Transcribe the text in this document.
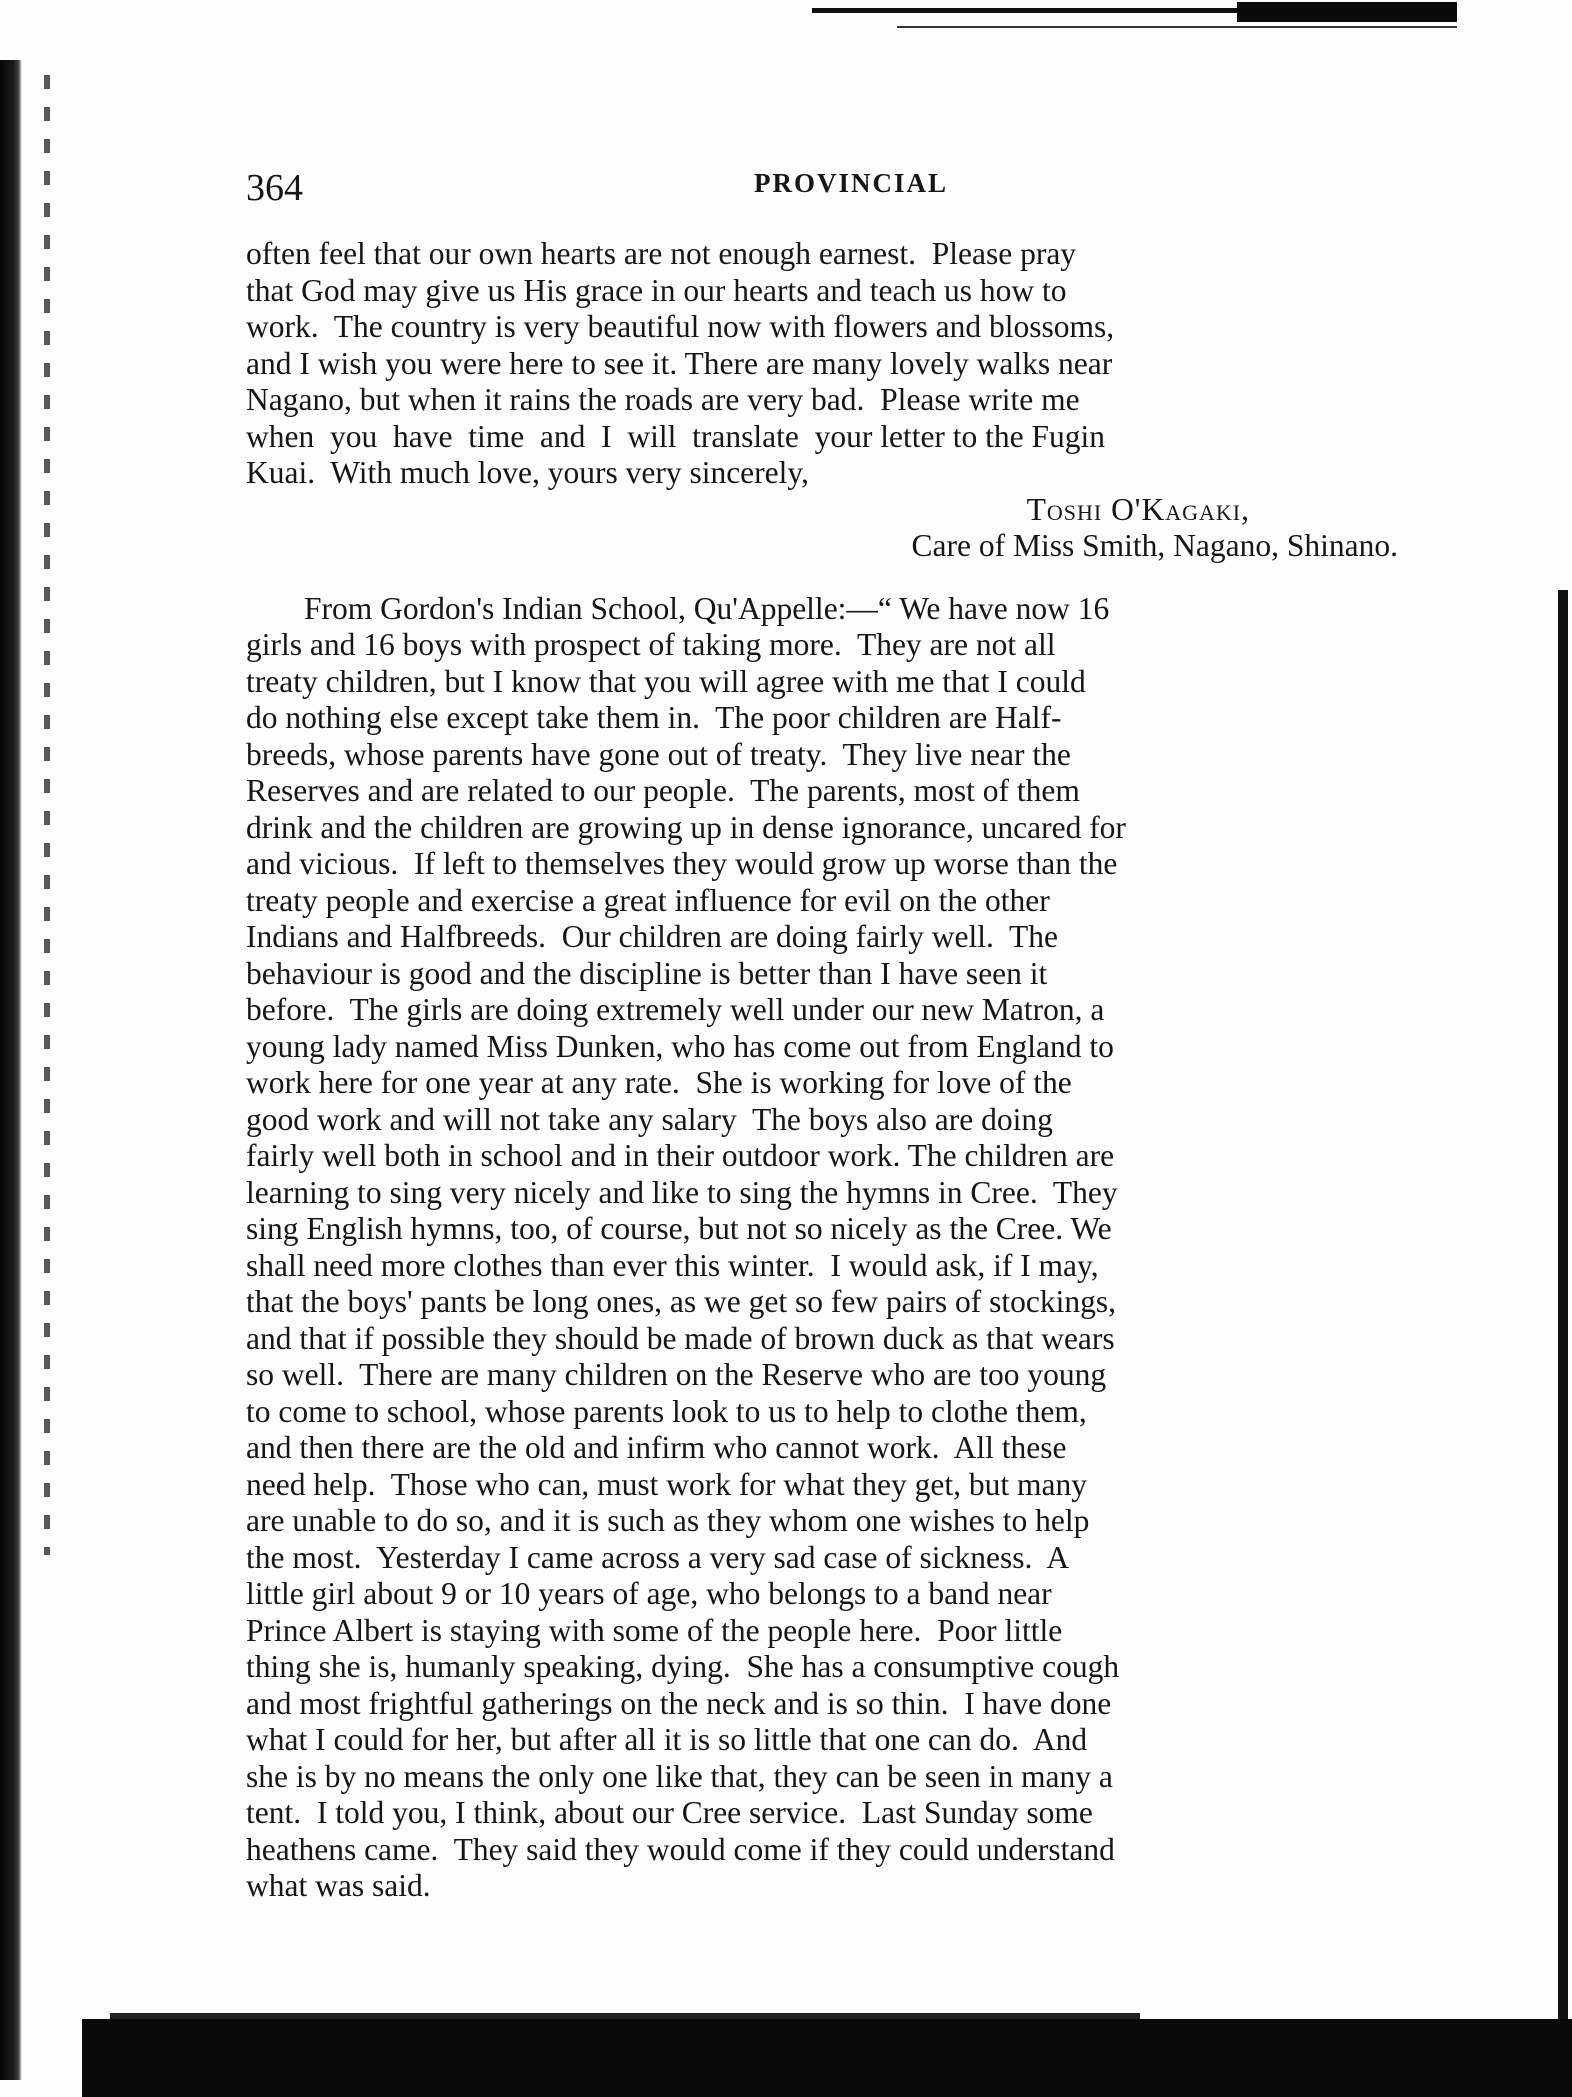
364	PROVINCIAL
often feel that our own hearts are not enough earnest.  Please pray
that God may give us His grace in our hearts and teach us how to
work.  The country is very beautiful now with flowers and blossoms,
and I wish you were here to see it. There are many lovely walks near
Nagano, but when it rains the roads are very bad.  Please write me
when  you  have  time  and  I  will  translate  your letter to the Fugin
Kuai.  With much love, yours very sincerely,
Toshi O'Kagaki,
Care of Miss Smith, Nagano, Shinano.
From Gordon's Indian School, Qu'Appelle:—“ We have now 16
girls and 16 boys with prospect of taking more.  They are not all
treaty children, but I know that you will agree with me that I could
do nothing else except take them in.  The poor children are Half-
breeds, whose parents have gone out of treaty.  They live near the
Reserves and are related to our people.  The parents, most of them
drink and the children are growing up in dense ignorance, uncared for
and vicious.  If left to themselves they would grow up worse than the
treaty people and exercise a great influence for evil on the other
Indians and Halfbreeds.  Our children are doing fairly well.  The
behaviour is good and the discipline is better than I have seen it
before.  The girls are doing extremely well under our new Matron, a
young lady named Miss Dunken, who has come out from England to
work here for one year at any rate.  She is working for love of the
good work and will not take any salary  The boys also are doing
fairly well both in school and in their outdoor work. The children are
learning to sing very nicely and like to sing the hymns in Cree.  They
sing English hymns, too, of course, but not so nicely as the Cree. We
shall need more clothes than ever this winter.  I would ask, if I may,
that the boys' pants be long ones, as we get so few pairs of stockings,
and that if possible they should be made of brown duck as that wears
so well.  There are many children on the Reserve who are too young
to come to school, whose parents look to us to help to clothe them,
and then there are the old and infirm who cannot work.  All these
need help.  Those who can, must work for what they get, but many
are unable to do so, and it is such as they whom one wishes to help
the most.  Yesterday I came across a very sad case of sickness.  A
little girl about 9 or 10 years of age, who belongs to a band near
Prince Albert is staying with some of the people here.  Poor little
thing she is, humanly speaking, dying.  She has a consumptive cough
and most frightful gatherings on the neck and is so thin.  I have done
what I could for her, but after all it is so little that one can do.  And
she is by no means the only one like that, they can be seen in many a
tent.  I told you, I think, about our Cree service.  Last Sunday some
heathens came.  They said they would come if they could understand
what was said.
